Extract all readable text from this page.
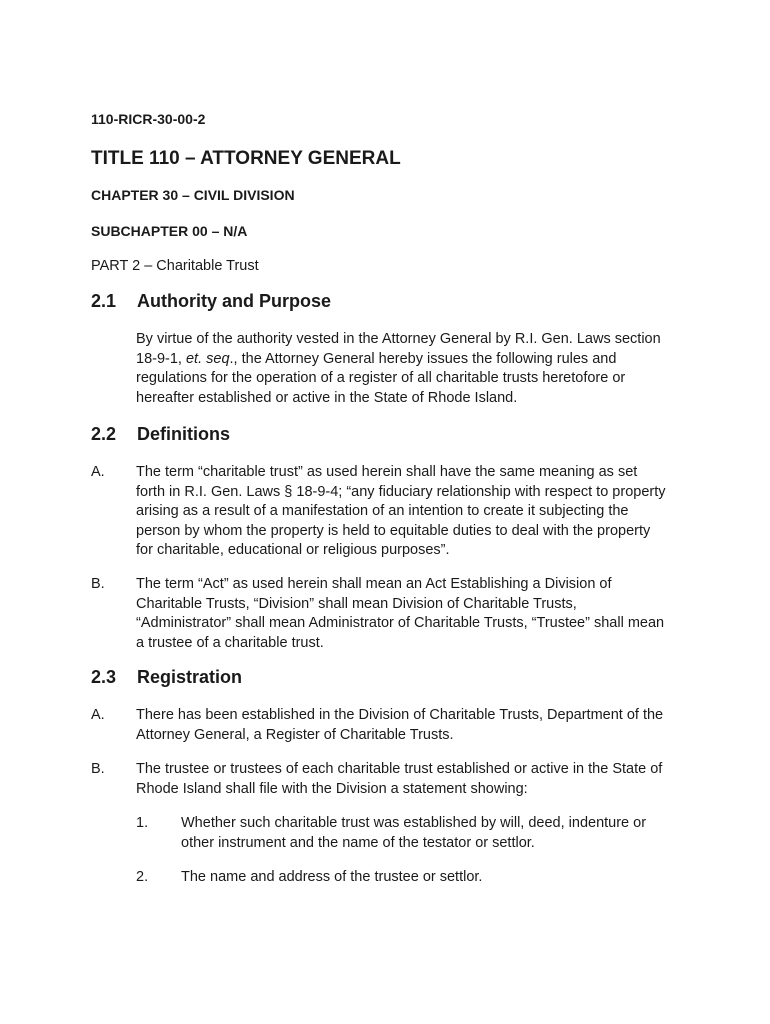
110-RICR-30-00-2
TITLE 110 – ATTORNEY GENERAL
CHAPTER 30 – CIVIL DIVISION
SUBCHAPTER 00 – N/A
PART 2 – Charitable Trust
2.1 Authority and Purpose
By virtue of the authority vested in the Attorney General by R.I. Gen. Laws section 18-9-1, et. seq., the Attorney General hereby issues the following rules and regulations for the operation of a register of all charitable trusts heretofore or hereafter established or active in the State of Rhode Island.
2.2 Definitions
A. The term “charitable trust” as used herein shall have the same meaning as set forth in R.I. Gen. Laws § 18-9-4; “any fiduciary relationship with respect to property arising as a result of a manifestation of an intention to create it subjecting the person by whom the property is held to equitable duties to deal with the property for charitable, educational or religious purposes”.
B. The term “Act” as used herein shall mean an Act Establishing a Division of Charitable Trusts, “Division” shall mean Division of Charitable Trusts, “Administrator” shall mean Administrator of Charitable Trusts, “Trustee” shall mean a trustee of a charitable trust.
2.3 Registration
A. There has been established in the Division of Charitable Trusts, Department of the Attorney General, a Register of Charitable Trusts.
B. The trustee or trustees of each charitable trust established or active in the State of Rhode Island shall file with the Division a statement showing:
1. Whether such charitable trust was established by will, deed, indenture or other instrument and the name of the testator or settlor.
2. The name and address of the trustee or settlor.
